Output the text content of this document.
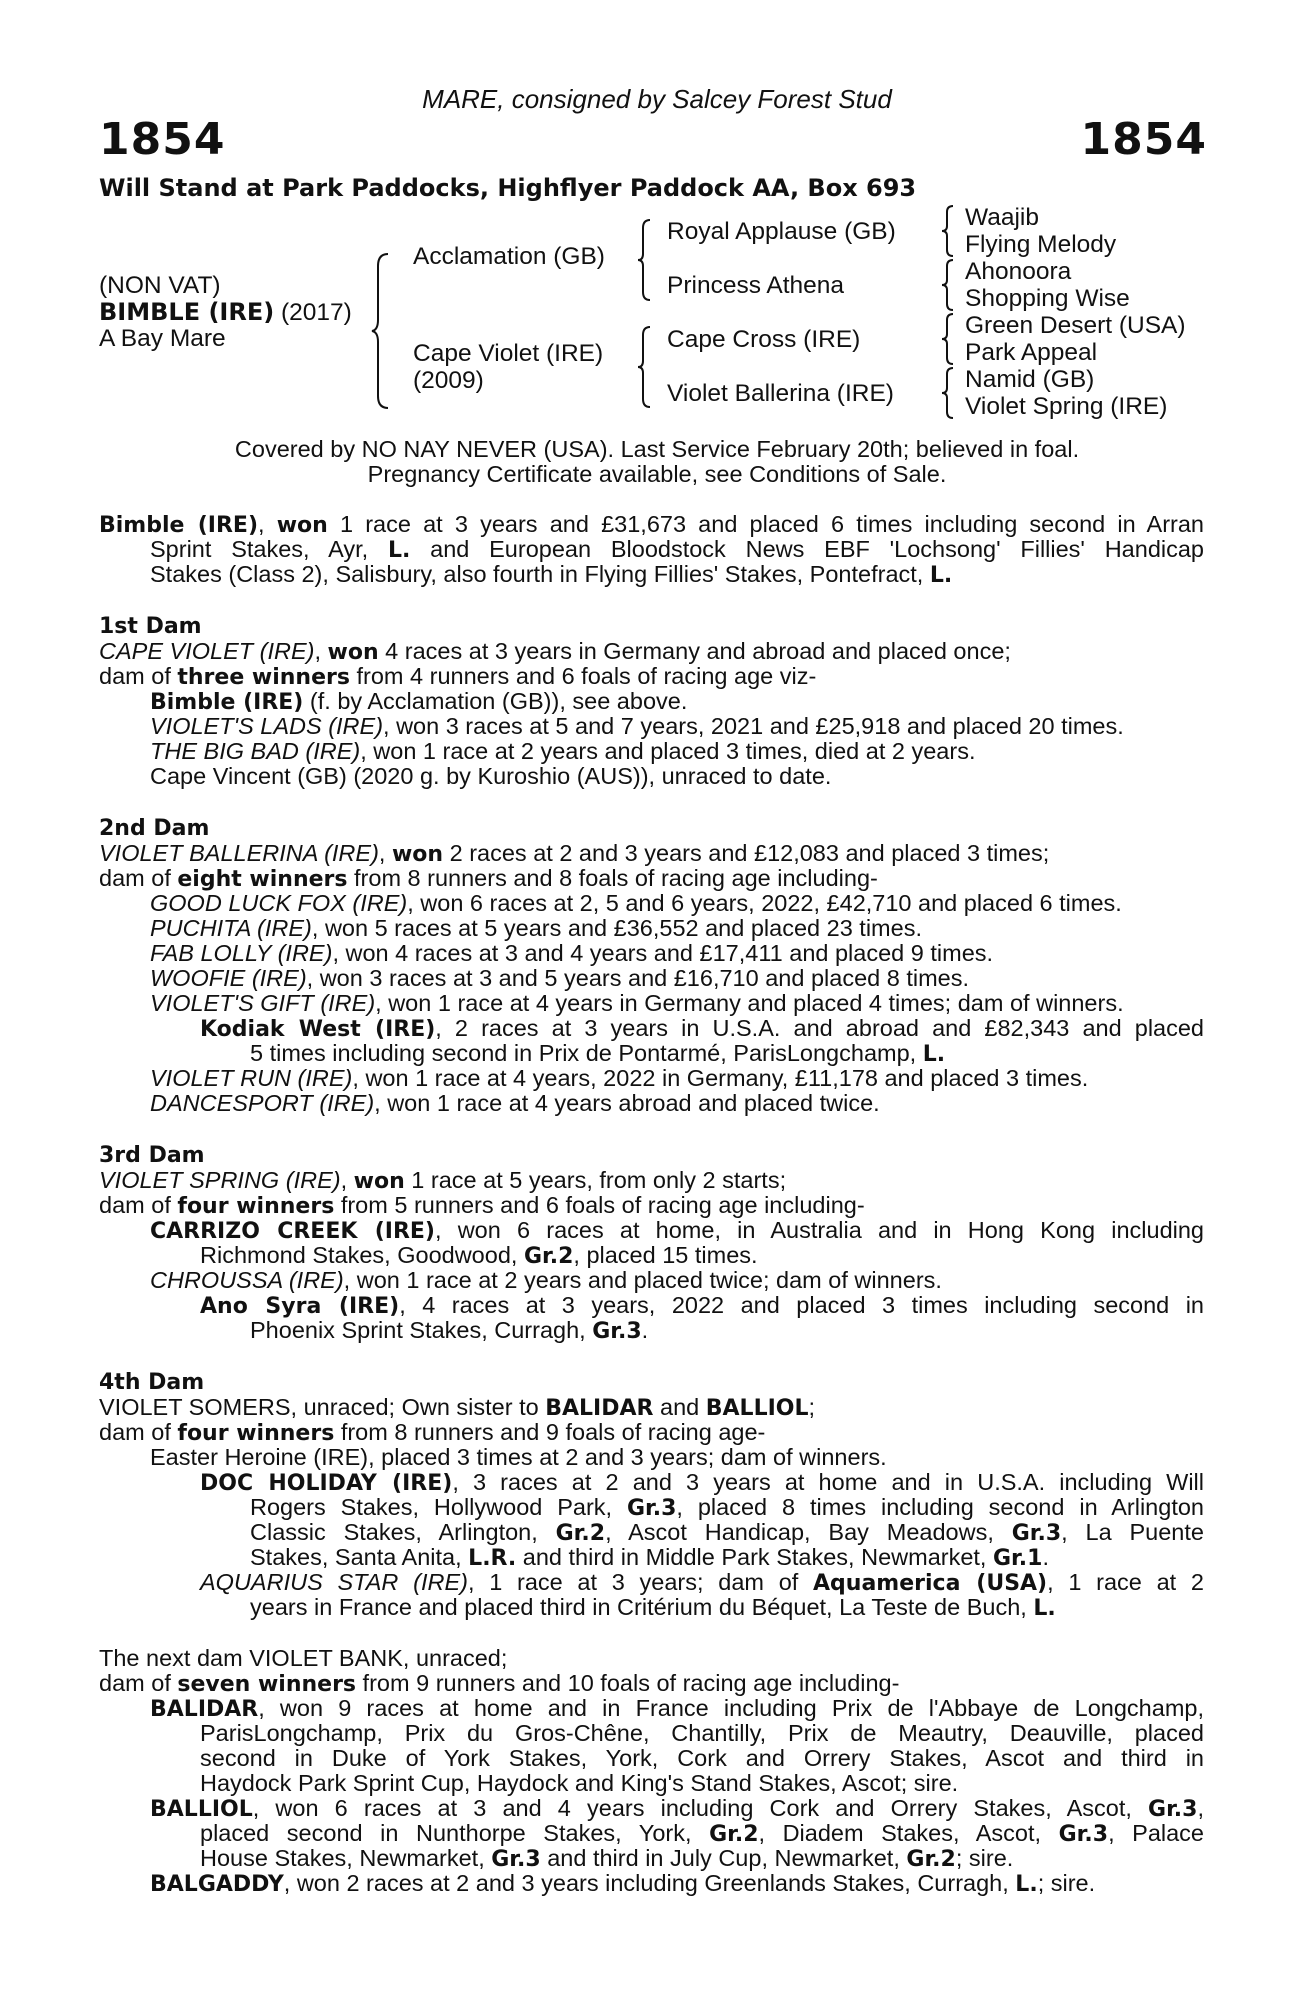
MARE, consigned by Salcey Forest Stud
1854	1854
Will Stand at Park Paddocks, Highflyer Paddock AA, Box 693
(NON VAT)
BIMBLE (IRE) (2017)
A Bay Mare
Acclamation (GB)
Cape Violet (IRE)
(2009)
Royal Applause (GB)
Princess Athena
Cape Cross (IRE)
Violet Ballerina (IRE)
Waajib
Flying Melody
Ahonoora
Shopping Wise
Green Desert (USA)
Park Appeal
Namid (GB)
Violet Spring (IRE)
Covered by NO NAY NEVER (USA). Last Service February 20th; believed in foal.
Pregnancy Certificate available, see Conditions of Sale.
Bimble (IRE), won 1 race at 3 years and £31,673 and placed 6 times including second in Arran
Sprint Stakes, Ayr, L. and European Bloodstock News EBF 'Lochsong' Fillies' Handicap
Stakes (Class 2), Salisbury, also fourth in Flying Fillies' Stakes, Pontefract, L.
1st Dam
CAPE VIOLET (IRE), won 4 races at 3 years in Germany and abroad and placed once;
dam of three winners from 4 runners and 6 foals of racing age viz-
Bimble (IRE) (f. by Acclamation (GB)), see above.
VIOLET'S LADS (IRE), won 3 races at 5 and 7 years, 2021 and £25,918 and placed 20 times.
THE BIG BAD (IRE), won 1 race at 2 years and placed 3 times, died at 2 years.
Cape Vincent (GB) (2020 g. by Kuroshio (AUS)), unraced to date.
2nd Dam
VIOLET BALLERINA (IRE), won 2 races at 2 and 3 years and £12,083 and placed 3 times;
dam of eight winners from 8 runners and 8 foals of racing age including-
GOOD LUCK FOX (IRE), won 6 races at 2, 5 and 6 years, 2022, £42,710 and placed 6 times.
PUCHITA (IRE), won 5 races at 5 years and £36,552 and placed 23 times.
FAB LOLLY (IRE), won 4 races at 3 and 4 years and £17,411 and placed 9 times.
WOOFIE (IRE), won 3 races at 3 and 5 years and £16,710 and placed 8 times.
VIOLET'S GIFT (IRE), won 1 race at 4 years in Germany and placed 4 times; dam of winners.
Kodiak West (IRE), 2 races at 3 years in U.S.A. and abroad and £82,343 and placed
5 times including second in Prix de Pontarmé, ParisLongchamp, L.
VIOLET RUN (IRE), won 1 race at 4 years, 2022 in Germany, £11,178 and placed 3 times.
DANCESPORT (IRE), won 1 race at 4 years abroad and placed twice.
3rd Dam
VIOLET SPRING (IRE), won 1 race at 5 years, from only 2 starts;
dam of four winners from 5 runners and 6 foals of racing age including-
CARRIZO CREEK (IRE), won 6 races at home, in Australia and in Hong Kong including
Richmond Stakes, Goodwood, Gr.2, placed 15 times.
CHROUSSA (IRE), won 1 race at 2 years and placed twice; dam of winners.
Ano Syra (IRE), 4 races at 3 years, 2022 and placed 3 times including second in
Phoenix Sprint Stakes, Curragh, Gr.3.
4th Dam
VIOLET SOMERS, unraced; Own sister to BALIDAR and BALLIOL;
dam of four winners from 8 runners and 9 foals of racing age-
Easter Heroine (IRE), placed 3 times at 2 and 3 years; dam of winners.
DOC HOLIDAY (IRE), 3 races at 2 and 3 years at home and in U.S.A. including Will
Rogers Stakes, Hollywood Park, Gr.3, placed 8 times including second in Arlington
Classic Stakes, Arlington, Gr.2, Ascot Handicap, Bay Meadows, Gr.3, La Puente
Stakes, Santa Anita, L.R. and third in Middle Park Stakes, Newmarket, Gr.1.
AQUARIUS STAR (IRE), 1 race at 3 years; dam of Aquamerica (USA), 1 race at 2
years in France and placed third in Critérium du Béquet, La Teste de Buch, L.
The next dam VIOLET BANK, unraced;
dam of seven winners from 9 runners and 10 foals of racing age including-
BALIDAR, won 9 races at home and in France including Prix de l'Abbaye de Longchamp,
ParisLongchamp, Prix du Gros-Chêne, Chantilly, Prix de Meautry, Deauville, placed
second in Duke of York Stakes, York, Cork and Orrery Stakes, Ascot and third in
Haydock Park Sprint Cup, Haydock and King's Stand Stakes, Ascot; sire.
BALLIOL, won 6 races at 3 and 4 years including Cork and Orrery Stakes, Ascot, Gr.3,
placed second in Nunthorpe Stakes, York, Gr.2, Diadem Stakes, Ascot, Gr.3, Palace
House Stakes, Newmarket, Gr.3 and third in July Cup, Newmarket, Gr.2; sire.
BALGADDY, won 2 races at 2 and 3 years including Greenlands Stakes, Curragh, L.; sire.
